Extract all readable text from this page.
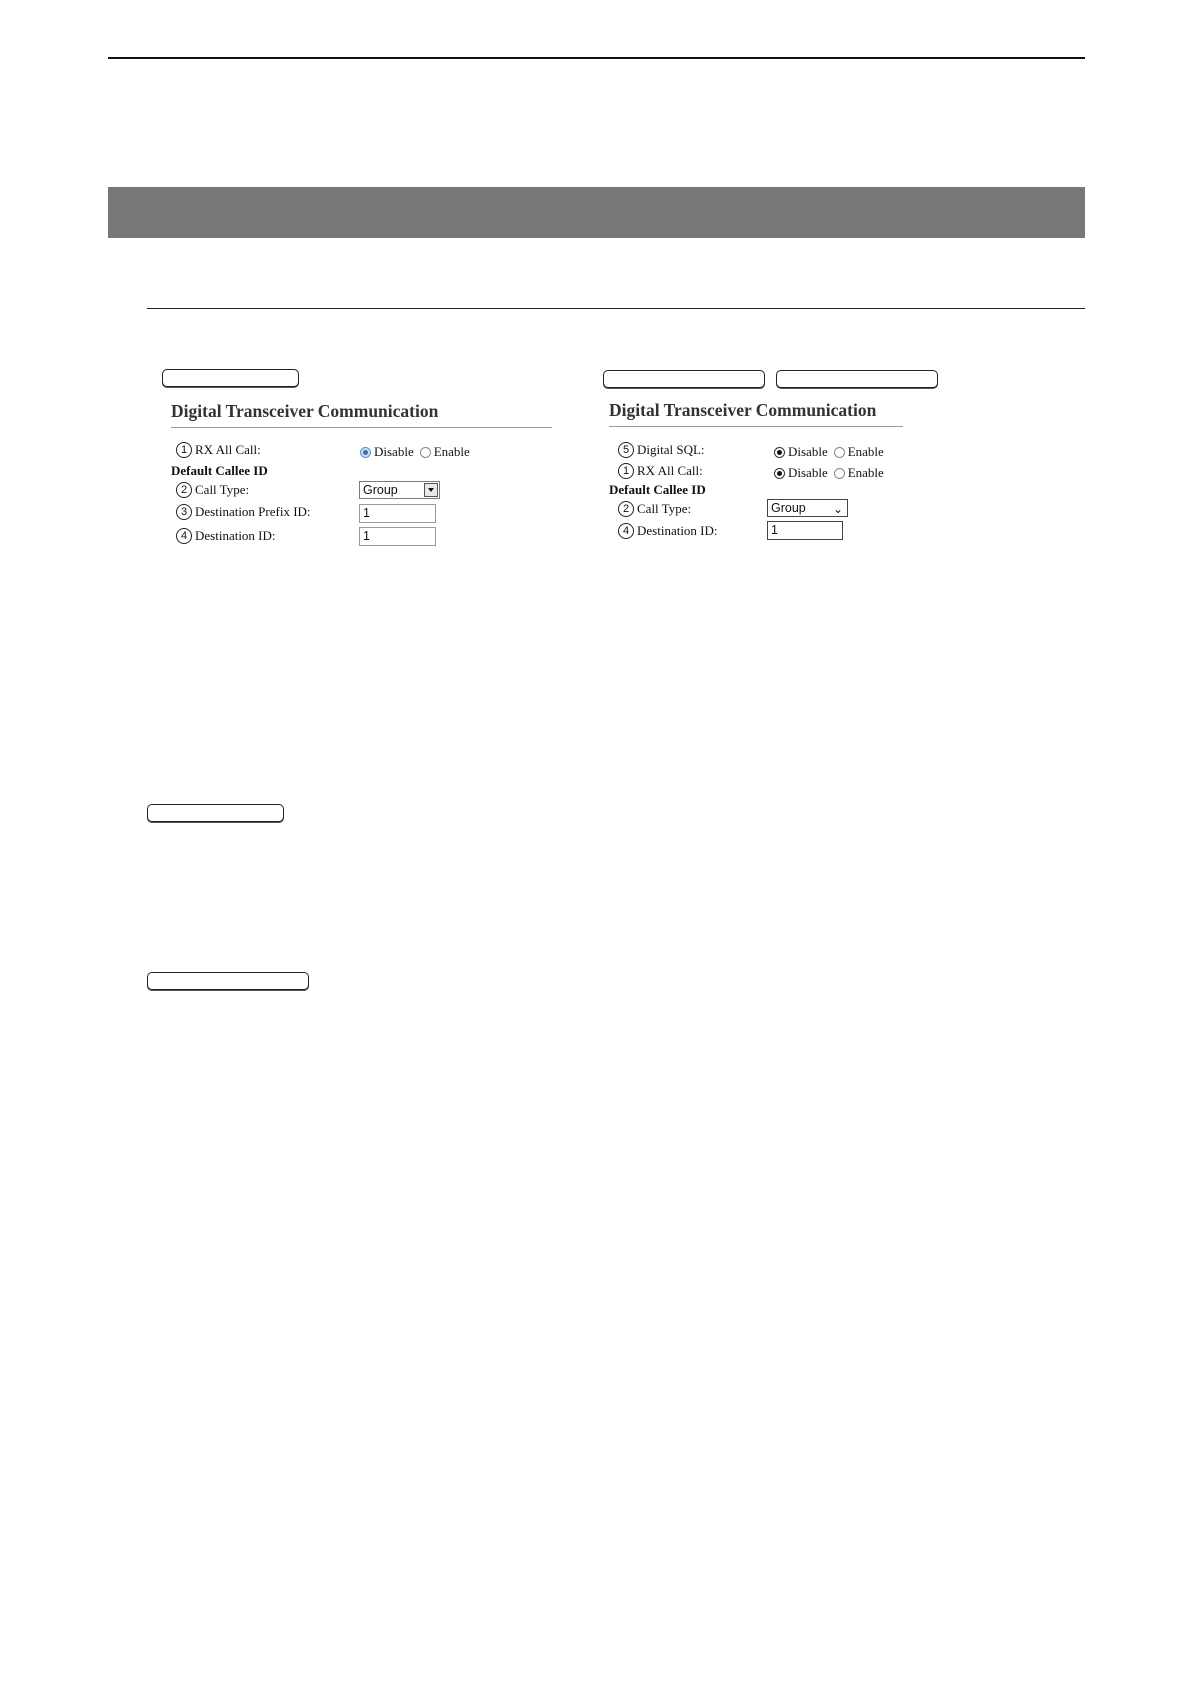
Digital Transceiver Communication
1 RX All Call:	Disable Enable
Default Callee ID
2 Call Type:	Group
3 Destination Prefix ID:	1
4 Destination ID:	1
Digital Transceiver Communication
5 Digital SQL:	Disable Enable
1 RX All Call:	Disable Enable
Default Callee ID
2 Call Type:	Group ⌄
4 Destination ID:	1
